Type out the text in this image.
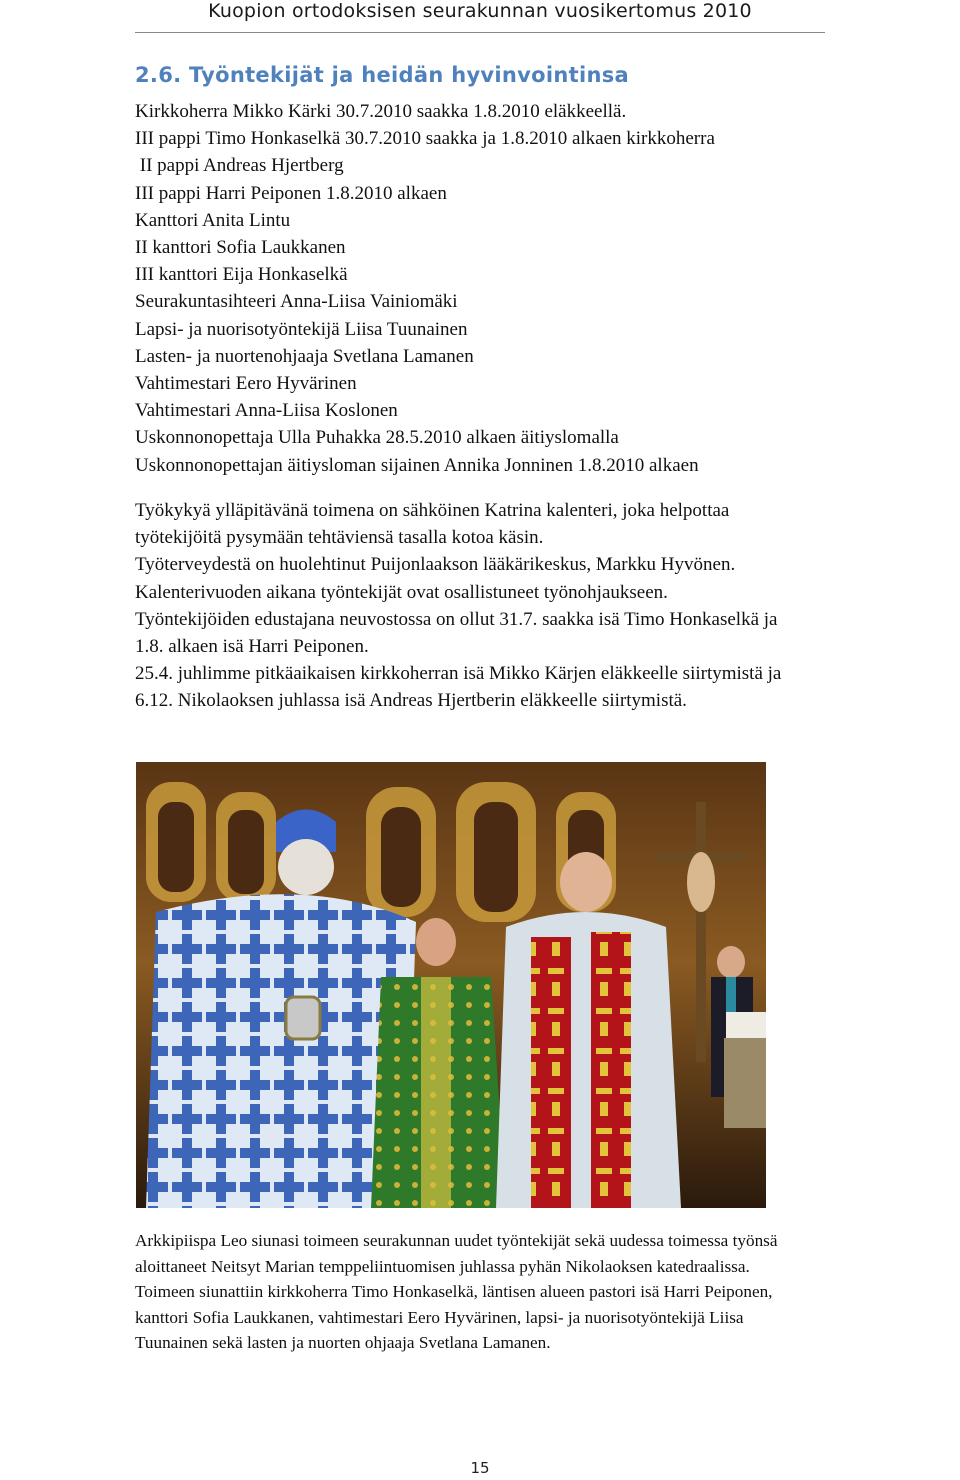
Kuopion ortodoksisen seurakunnan vuosikertomus 2010
2.6. Työntekijät ja heidän hyvinvointinsa
Kirkkoherra Mikko Kärki 30.7.2010 saakka 1.8.2010 eläkkeellä.
III pappi Timo Honkaselkä 30.7.2010 saakka ja 1.8.2010 alkaen kirkkoherra
II pappi Andreas Hjertberg
III pappi Harri Peiponen 1.8.2010 alkaen
Kanttori Anita Lintu
II kanttori Sofia Laukkanen
III kanttori Eija Honkaselkä
Seurakuntasihteeri Anna-Liisa Vainiomäki
Lapsi- ja nuorisotyöntekijä Liisa Tuunainen
Lasten- ja nuortenohjaaja Svetlana Lamanen
Vahtimestari Eero Hyvärinen
Vahtimestari Anna-Liisa Koslonen
Uskonnonopettaja Ulla Puhakka 28.5.2010 alkaen äitiyslomalla
Uskonnonopettajan äitiysloman sijainen Annika Jonninen 1.8.2010 alkaen
Työkykyä ylläpitävänä toimena on sähköinen Katrina kalenteri, joka helpottaa
työtekijöitä pysymään tehtäviensä tasalla kotoa käsin.
Työterveydestä on huolehtinut Puijonlaakson lääkärikeskus, Markku Hyvönen.
Kalenterivuoden aikana työntekijät ovat osallistuneet työnohjaukseen.
Työntekijöiden edustajana neuvostossa on ollut 31.7. saakka isä Timo Honkaselkä ja
1.8. alkaen isä Harri Peiponen.
25.4. juhlimme pitkäaikaisen kirkkoherran isä Mikko Kärjen eläkkeelle siirtymistä ja
6.12. Nikolaoksen juhlassa isä Andreas Hjertberin eläkkeelle siirtymistä.
Arkkipiispa Leo siunasi toimeen seurakunnan uudet työntekijät sekä uudessa toimessa työnsä
aloittaneet Neitsyt Marian temppeliintuomisen juhlassa pyhän Nikolaoksen katedraalissa.
Toimeen siunattiin kirkkoherra Timo Honkaselkä, läntisen alueen pastori isä Harri Peiponen,
kanttori Sofia Laukkanen, vahtimestari Eero Hyvärinen, lapsi- ja nuorisotyöntekijä Liisa
Tuunainen sekä lasten ja nuorten ohjaaja Svetlana Lamanen.
15
